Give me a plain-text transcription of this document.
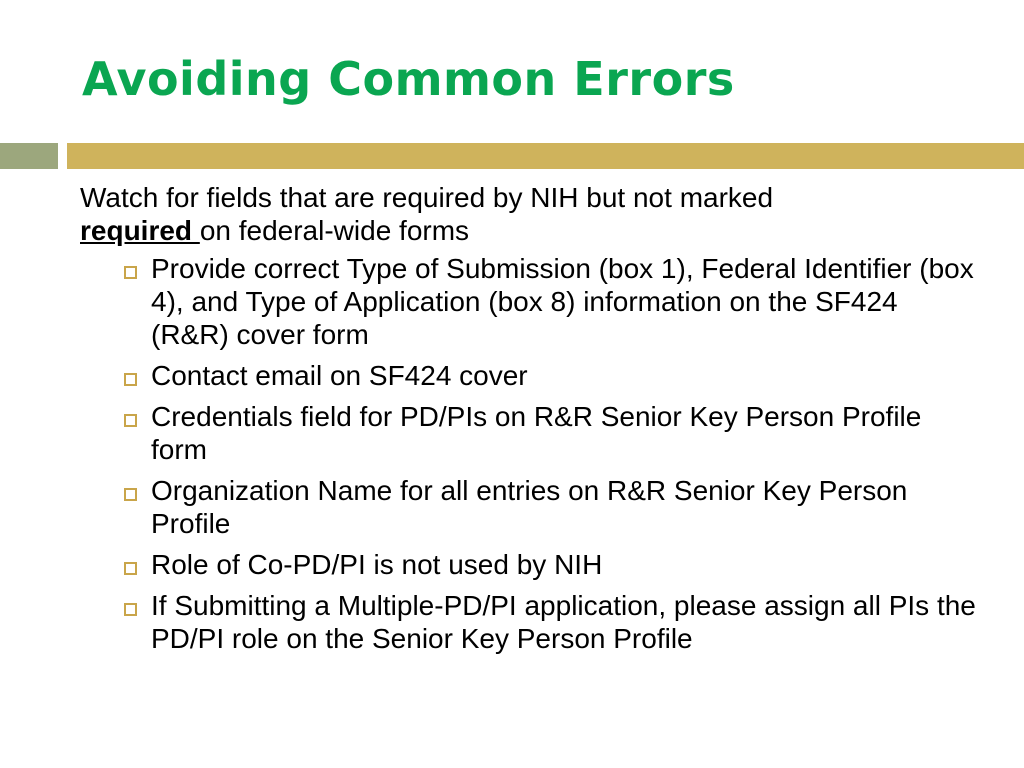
Avoiding Common Errors

Watch for fields that are required by NIH but not marked
required on federal-wide forms

Provide correct Type of Submission (box 1), Federal Identifier (box 4), and Type of Application (box 8) information on the SF424 (R&R) cover form
Contact email on SF424 cover
Credentials field for PD/PIs on R&R Senior Key Person Profile form
Organization Name for all entries on R&R Senior Key Person Profile
Role of Co-PD/PI is not used by NIH
If Submitting a Multiple-PD/PI application, please assign all PIs the PD/PI role on the Senior Key Person Profile
